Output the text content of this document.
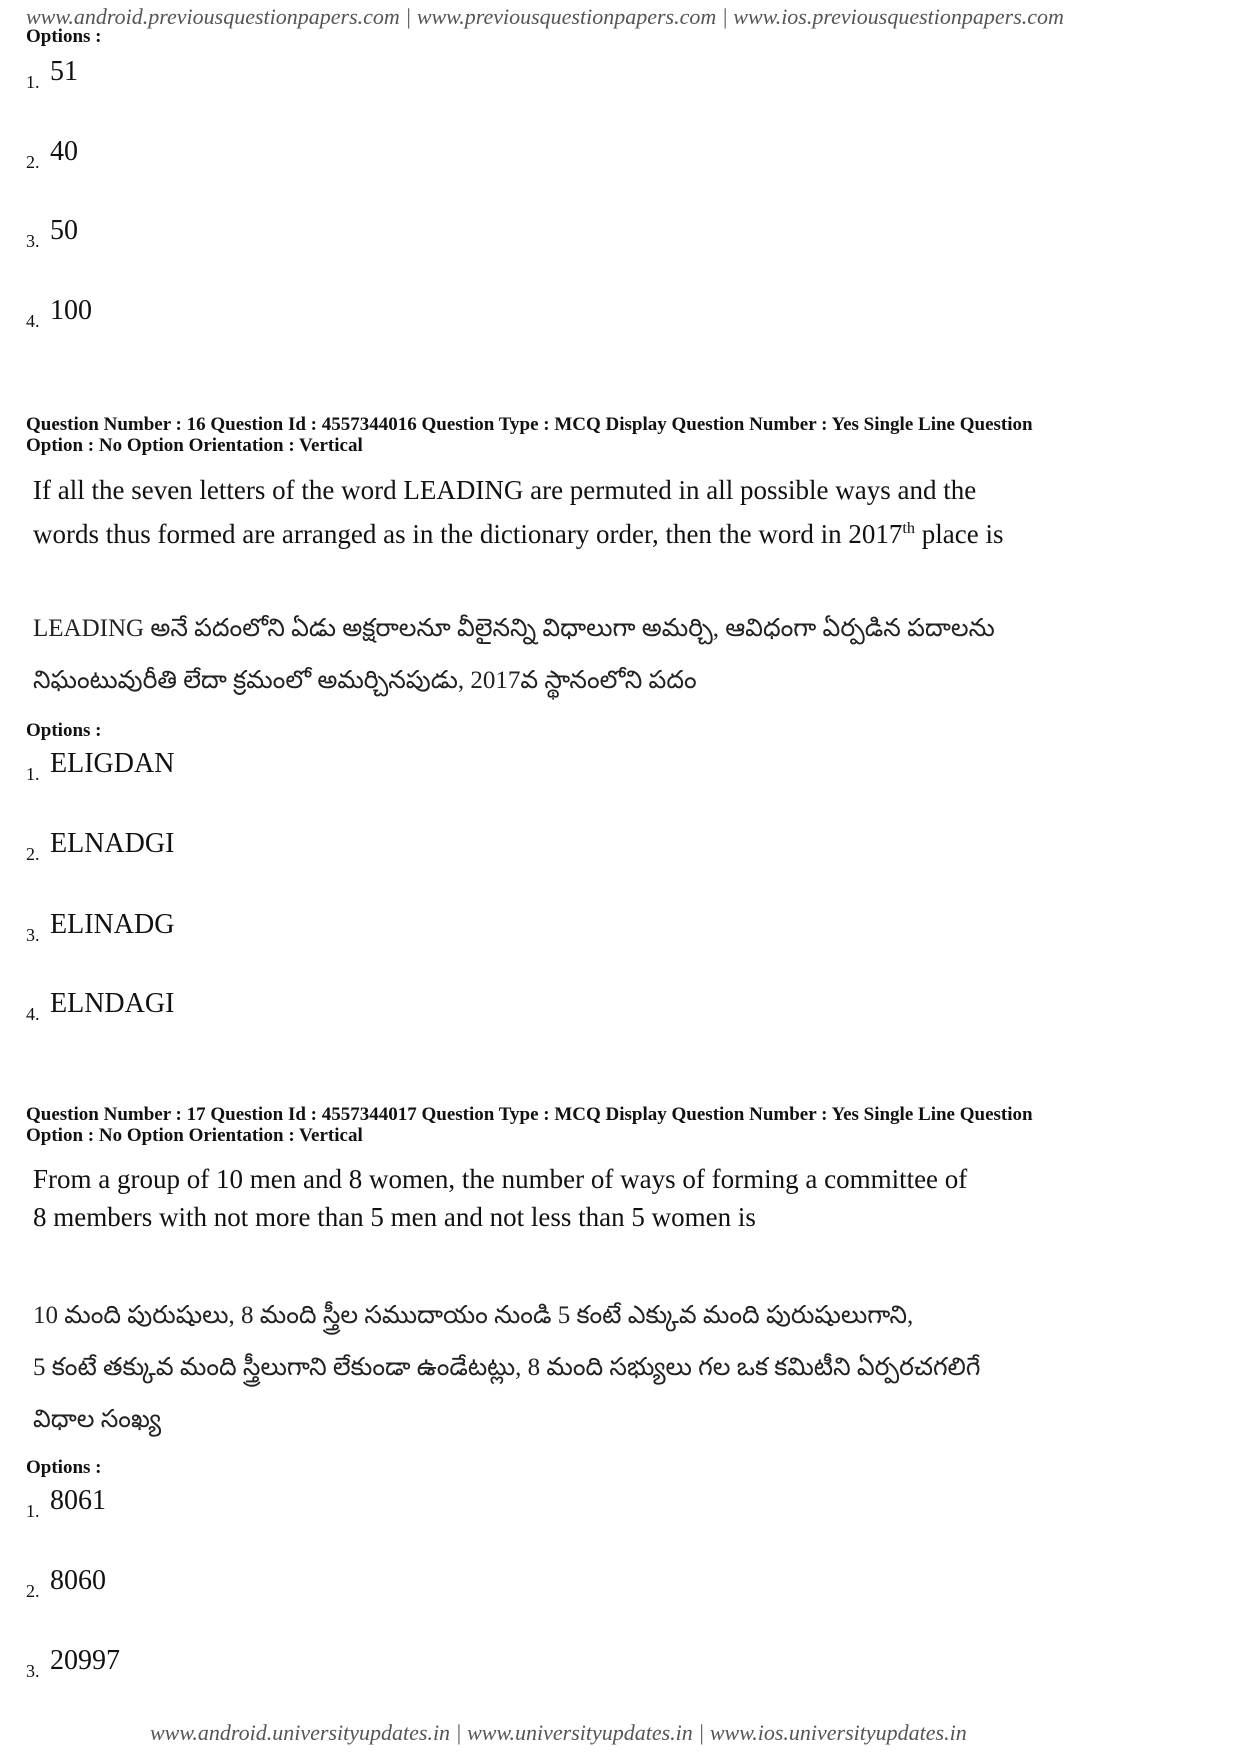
www.android.previousquestionpapers.com | www.previousquestionpapers.com | www.ios.previousquestionpapers.com
Options :
1. 51
2. 40
3. 50
4. 100
Question Number : 16 Question Id : 4557344016 Question Type : MCQ Display Question Number : Yes Single Line Question
Option : No Option Orientation : Vertical
If all the seven letters of the word LEADING are permuted in all possible ways and the
words thus formed are arranged as in the dictionary order, then the word in 2017th place is
LEADING అనే పదంలోని ఏడు అక్షరాలనూ వీలైనన్ని విధాలుగా అమర్చి, ఆవిధంగా ఏర్పడిన పదాలను
నిఘంటువురీతి లేదా క్రమంలో అమర్చినపుడు, 2017వ స్థానంలోని పదం
Options :
1. ELIGDAN
2. ELNADGI
3. ELINADG
4. ELNDAGI
Question Number : 17 Question Id : 4557344017 Question Type : MCQ Display Question Number : Yes Single Line Question
Option : No Option Orientation : Vertical
From a group of 10 men and 8 women, the number of ways of forming a committee of
8 members with not more than 5 men and not less than 5 women is
10 మంది పురుషులు, 8 మంది స్త్రీల సముదాయం నుండి 5 కంటే ఎక్కువ మంది పురుషులుగాని,
5 కంటే తక్కువ మంది స్త్రీలుగాని లేకుండా ఉండేటట్లు, 8 మంది సభ్యులు గల ఒక కమిటీని ఏర్పరచగలిగే
విధాల సంఖ్య
Options :
1. 8061
2. 8060
3. 20997
www.android.universityupdates.in | www.universityupdates.in | www.ios.universityupdates.in
